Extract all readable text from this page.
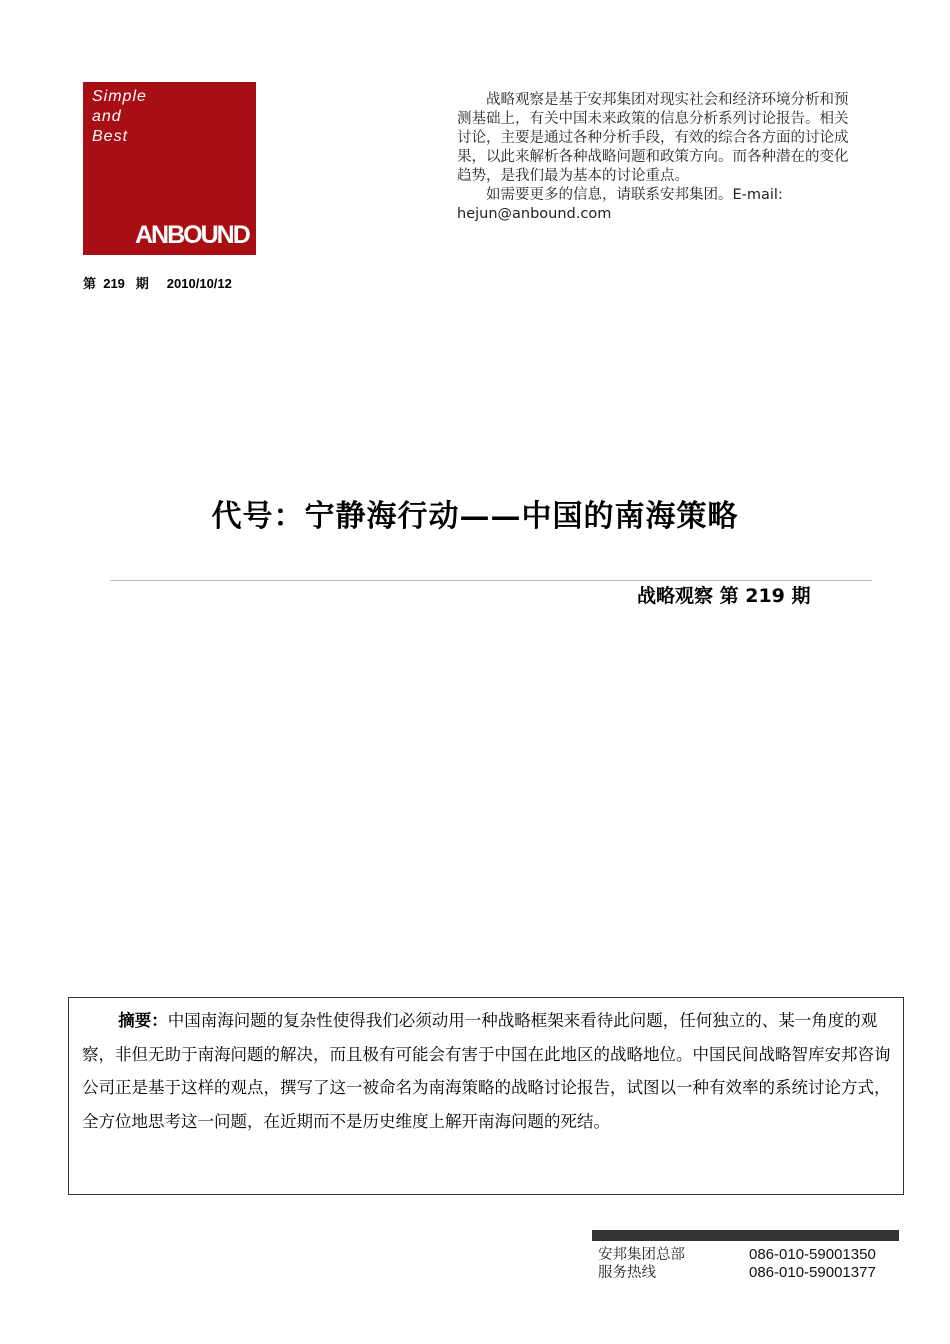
Simple
and
Best
ANBOUND

战略观察是基于安邦集团对现实社会和经济环境分析和预测基础上，有关中国未来政策的信息分析系列讨论报告。相关讨论，主要是通过各种分析手段，有效的综合各方面的讨论成果，以此来解析各种战略问题和政策方向。而各种潜在的变化趋势，是我们最为基本的讨论重点。

如需要更多的信息，请联系安邦集团。E-mail:

hejun@anbound.com
第  219   期     2010/10/12
代号：宁静海行动——中国的南海策略
战略观察 第 219 期

摘要：中国南海问题的复杂性使得我们必须动用一种战略框架来看待此问题，任何独立的、某一角度的观察，非但无助于南海问题的解决，而且极有可能会有害于中国在此地区的战略地位。中国民间战略智库安邦咨询公司正是基于这样的观点，撰写了这一被命名为南海策略的战略讨论报告，试图以一种有效率的系统讨论方式，全方位地思考这一问题，在近期而不是历史维度上解开南海问题的死结。

安邦集团总部
服务热线
086-010-59001350
086-010-59001377
